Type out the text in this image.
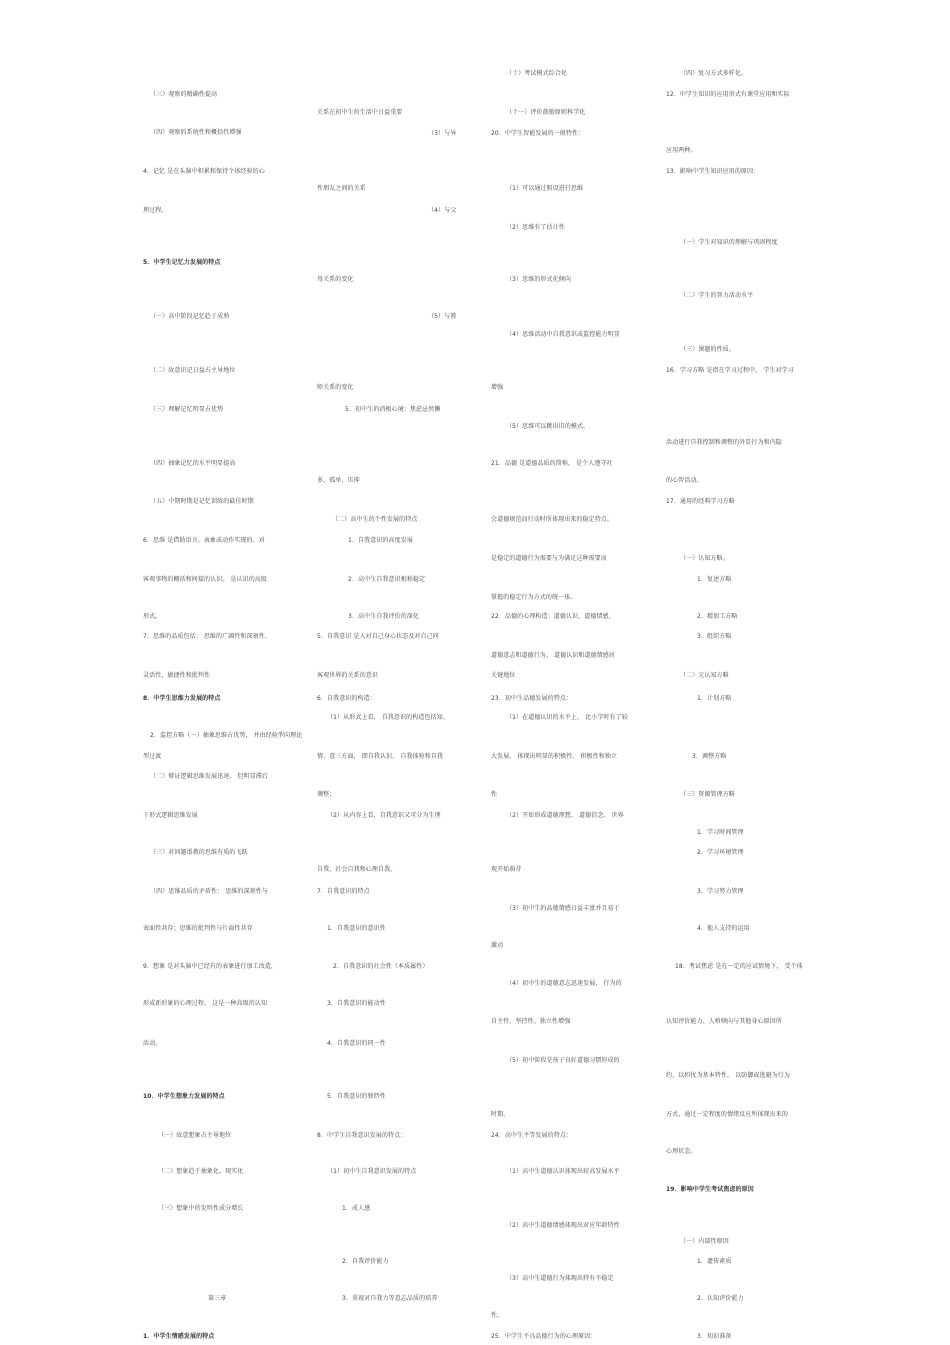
（三）观察的精确性提高
（四）观察的系统性和概括性增强
4．记忆 是在头脑中积累和保持个体经验的心
理过程。
5．中学生记忆力发展的特点
（一）高中阶段记忆趋于成熟
（二）故意识记日益占主导地位
（三）理解记忆明显占优势
（四）抽象记忆的水平明显提高
（五）中期时期是记忆训练的最佳时期
6．思维 是借助语言、表象或动作实现的、对
客观事物的概括和间接的认识。 是认识的高级
形式。
7．思维的品质包括： 思维的广阔性和深刻性、
灵活性、敏捷性和批判性
8．中学生思维力发展的特点
2．监控方略（一）抽象思维占优势， 并由经验型向理论
型过渡
（二）辩证逻辑思维发展迅速， 但明显滞后
于形式逻辑思维发展
（三）对问题谱教的思维有质的飞跃
（四）思维品质的矛盾性： 思维的深刻性与
表面性共存；思维的批判性与片面性共存
9．想象 是对头脑中已经有的表象进行加工改造，
形成新形象的心理过程。 这是一种高级的认知
活动。
10．中学生想象力发展的特点
（一）故意想象占主导地位
（二）想象趋于抽象化、现实化
（三）想象中的发明性成分增长
第三章
1．中学生情感发展的特点
关系在初中生的生活中日益重要
（3）与异
性朋友之间的关系
（4）与父
母关系的变化
（5）与教
师关系的变化
5．初中生的消极心境：焦虑忌然懒
多、孤单、压抑
（二）高中生的个性发展的特点
1．自我意识的高度发展
2．高中生自我意识相称稳定
3．高中生自我评价的深化
5．自我意识 是人对自己身心状态及对自己同
客观世界的关系的意识
6．自我意识的构造：
（1）从形式上看， 自我意识的构造包括知、
情、意三方面， 即自我认识、 自我体验和自我
调整；
（2）从内容上看，自我意识又可分为生理
自我、社会自我和心理自我。
7．自我意识的特点
1．自我意识的意识性
2．自我意识的社会性（本质属性）
3．自我意识的能动性
4．自我意识的同一性
5．自我意识的独特性
8．中学生自我意识发展的特点：
（1）初中生自我意识发展的特点
1．成人感
2．自我评价能力
3．重视对自我力等意志品质的培养
（十）考试模式综合化
（十一）评价鼓励原则科学化
20．中学生智能发展的一般特性：
（1）可以通过假设进行思维
（2）思维有了估计性
（3）思维的形式化倾向
（4）思维活动中自我意识或监控能力明显
增强
（5）思维可以跳出旧的模式。
21．品德 是道德品质的简称， 是个人遵守社
会道德规范而行动时所体现出来的稳定特点。
是稳定的道德行为需要与为满足这种需要而
掌握的稳定行为方式的统一体。
22．品德的心理构造：道德认识、道德情感、
道德意志和道德行为。 道德认识和道德情感居
关键地位
23．初中生品德发展的特点：
（1）在道德认识的水平上， 比小学时有了较
大发展， 体现出明显的积极性、 积极性和独立
性
（2）开始形成道德理想、 道德信念、 世界
观开始萌芽
（3）初中生的品德情感日益丰富并且易于
激动
（4）初中生的道德意志迅速发展， 行为的
自主性、坚持性、独立性增强
（5）初中阶段是孩子良好道德习惯形成的
时期。
24．高中生平等发展的特点：
（1）高中生道德认识体现出较高发展水平
（2）高中生道德情感体现出对应年龄特性
（3）高中生道德行为体现出特有不稳定
性。
25．中学生不良品德行为的心理原因：
（四）复习方式多样化。
12．中学生知识的应用形式有课堂应用和实际
应用两种。
13．影响中学生知识应用的原因：
（一）学生对知识的理解与巩固程度
（二）学生的智力活动水平
（三）课题的性质。
16．学习方略 是指在学习过程中， 学生对学习
活动进行自我控制和调整的外显行为和内隐
的心智活动。
17．通用的经典学习方略
（一）认知方略。
1．复述方略
2．精加工方略
3．组织方略
（二）元认知方略
1．计划方略
3．调整方略
（三）资源管理方略
1．学习时间管理
2．学习环境管理
3．学习努力管理
4．他人支持的运用
18．考试焦虑 是在一定的应试情境下， 受个体
认知评价能力、人格倾向与其他身心原因所
约，以担忧为基本特性， 以防御或逃避为行为
方式，通过一定程度的情绪反应所体现出来的
心理状态。
19．影响中学生考试焦虑的原因
（一）内部性原因
1．遗传素质
2．认知评价能力
3．知识准备
